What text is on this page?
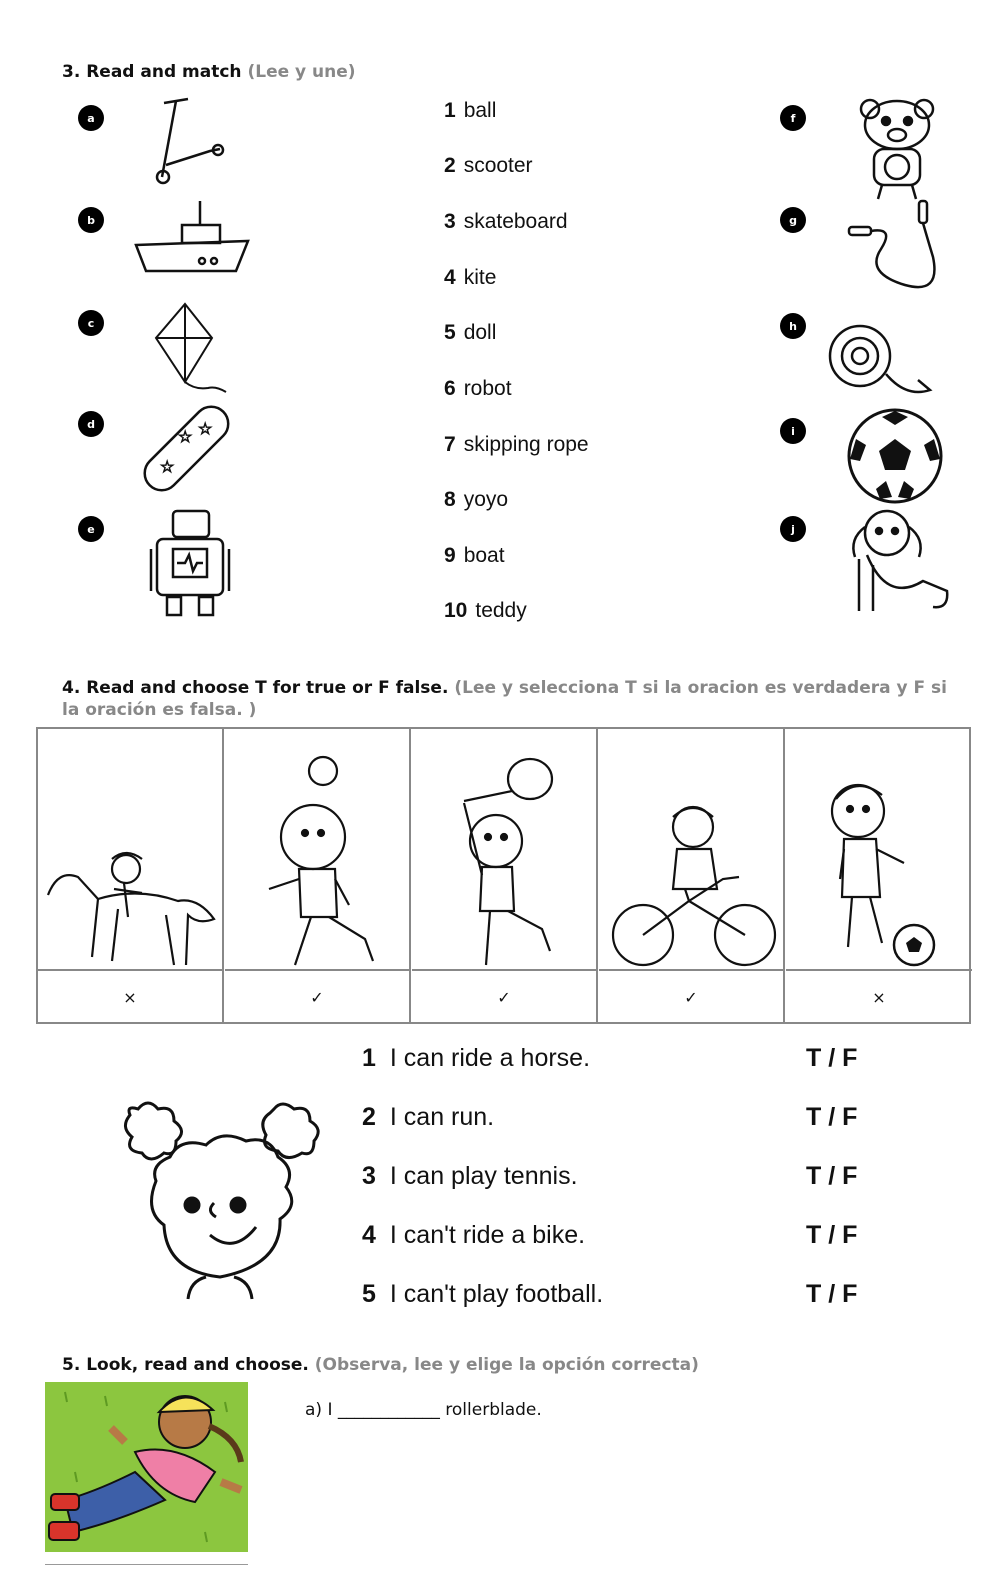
3. Read and match (Lee y une)
a
b
c
d
e
f
g
h
i
j
☆ ☆
☆
1 ball
2 scooter
3 skateboard
4 kite
5 doll
6 robot
7 skipping rope
8 yoyo
9 boat
10 teddy
4. Read and choose T for true or F false. (Lee y selecciona T si la oracion es verdadera y F si la oración es falsa. )
×	✓	✓	✓	×
1 I can ride a horse.
2 I can run.
3 I can play tennis.
4 I can't ride a bike.
5 I can't play football.
T / F
T / F
T / F
T / F
T / F
5. Look, read and choose. (Observa, lee y elige la opción correcta)
a) I ____________ rollerblade.
